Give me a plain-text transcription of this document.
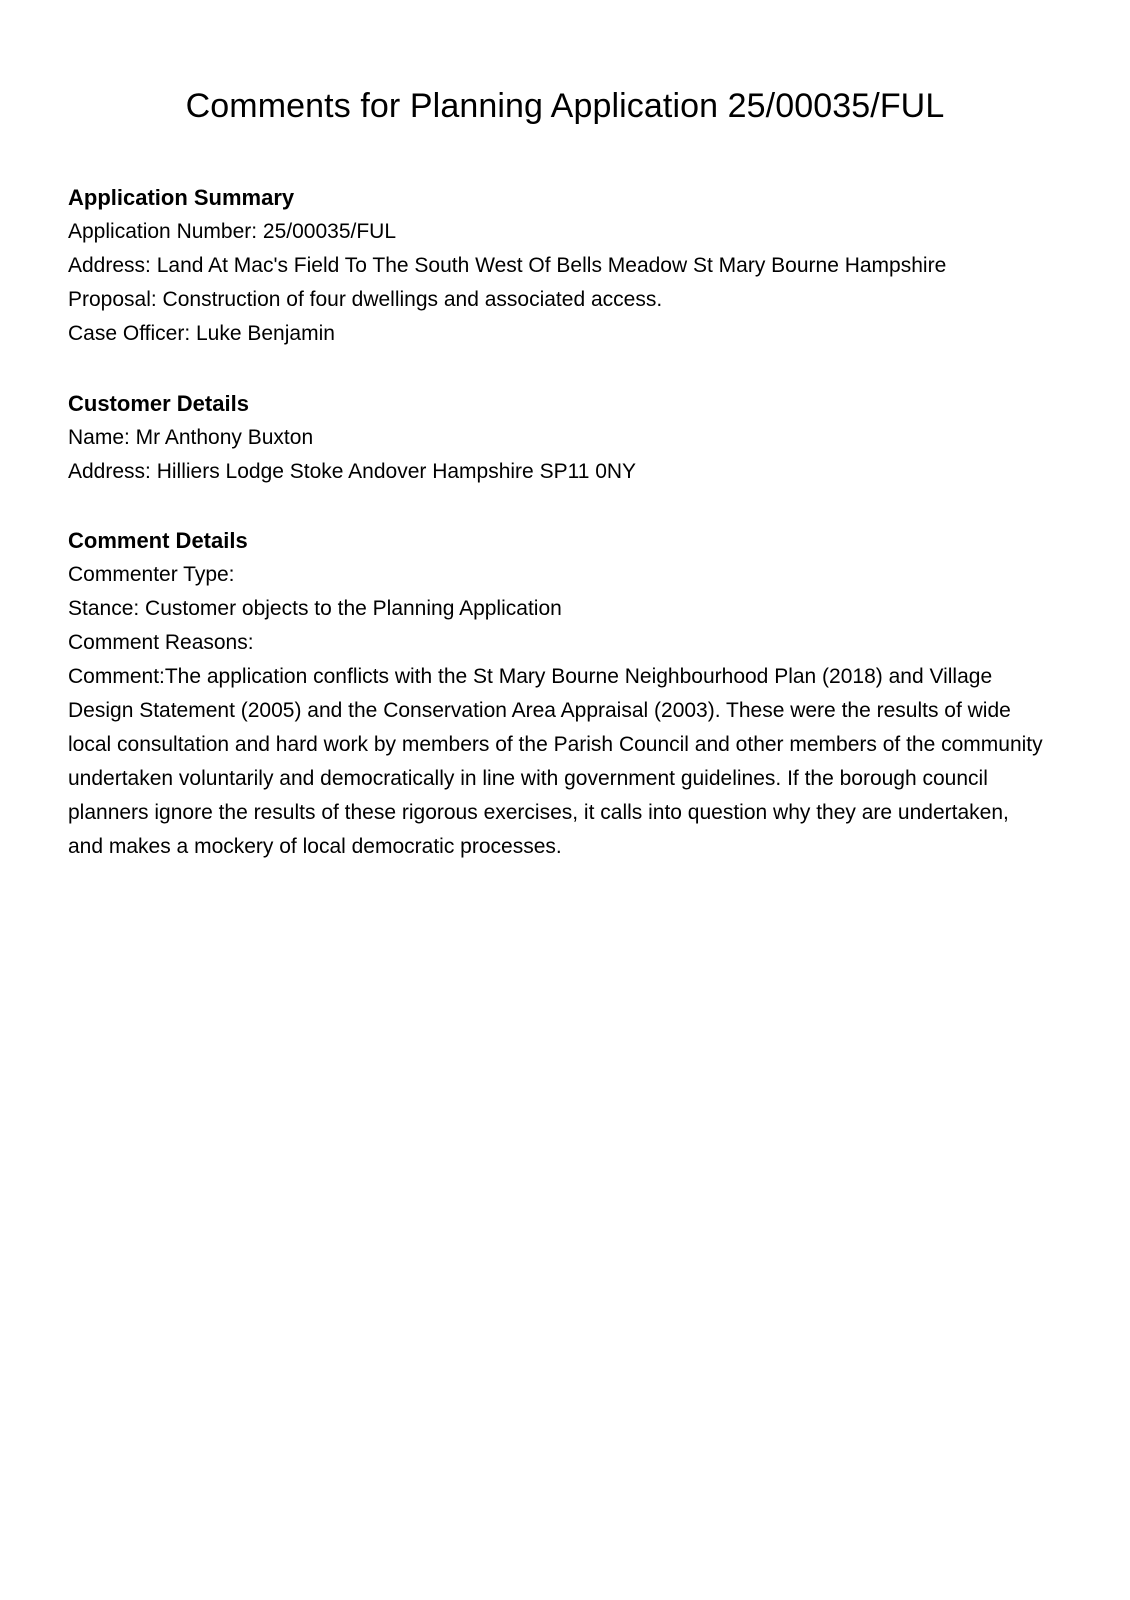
Comments for Planning Application 25/00035/FUL

Application Summary

Application Number: 25/00035/FUL

Address: Land At Mac's Field To The South West Of Bells Meadow St Mary Bourne Hampshire

Proposal: Construction of four dwellings and associated access.

Case Officer: Luke Benjamin

Customer Details

Name: Mr Anthony Buxton

Address: Hilliers Lodge Stoke Andover Hampshire SP11 0NY

Comment Details

Commenter Type:

Stance: Customer objects to the Planning Application

Comment Reasons:

Comment:The application conflicts with the St Mary Bourne Neighbourhood Plan (2018) and Village Design Statement (2005) and the Conservation Area Appraisal (2003). These were the results of wide local consultation and hard work by members of the Parish Council and other members of the community undertaken voluntarily and democratically in line with government guidelines. If the borough council planners ignore the results of these rigorous exercises, it calls into question why they are undertaken, and makes a mockery of local democratic processes.
